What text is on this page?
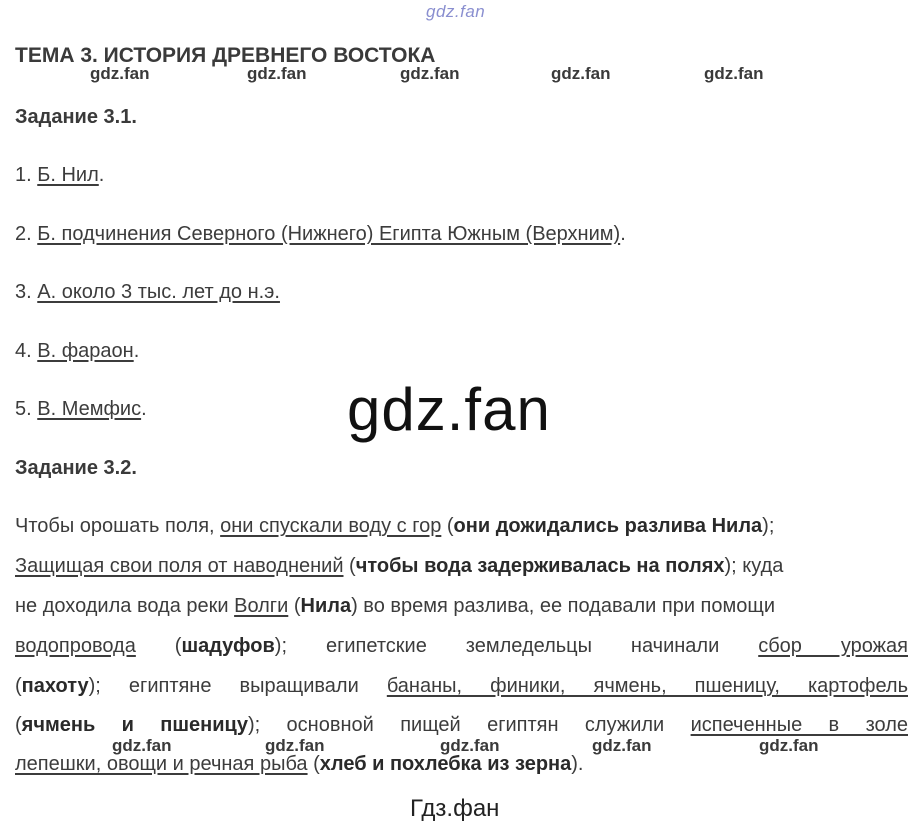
gdz.fan
gdz.fan	gdz.fan	gdz.fan	gdz.fan	gdz.fan
gdz.fan
gdz.fan	gdz.fan	gdz.fan	gdz.fan	gdz.fan
Гдз.фан
ТЕМА 3. ИСТОРИЯ ДРЕВНЕГО ВОСТОКА
Задание 3.1.
1. Б. Нил.
2. Б. подчинения Северного (Нижнего) Египта Южным (Верхним).
3. А. около 3 тыс. лет до н.э.
4. В. фараон.
5. В. Мемфис.
Задание 3.2.
Чтобы орошать поля, они спускали воду с гор (они дожидались разлива Нила);
Защищая свои поля от наводнений (чтобы вода задерживалась на полях); куда
не доходила вода реки Волги (Нила) во время разлива, ее подавали при помощи
водопровода (шадуфов); египетские земледельцы начинали сбор урожая
(пахоту); египтяне выращивали бананы, финики, ячмень, пшеницу, картофель
(ячмень и пшеницу); основной пищей египтян служили испеченные в золе
лепешки, овощи и речная рыба (хлеб и похлебка из зерна).
